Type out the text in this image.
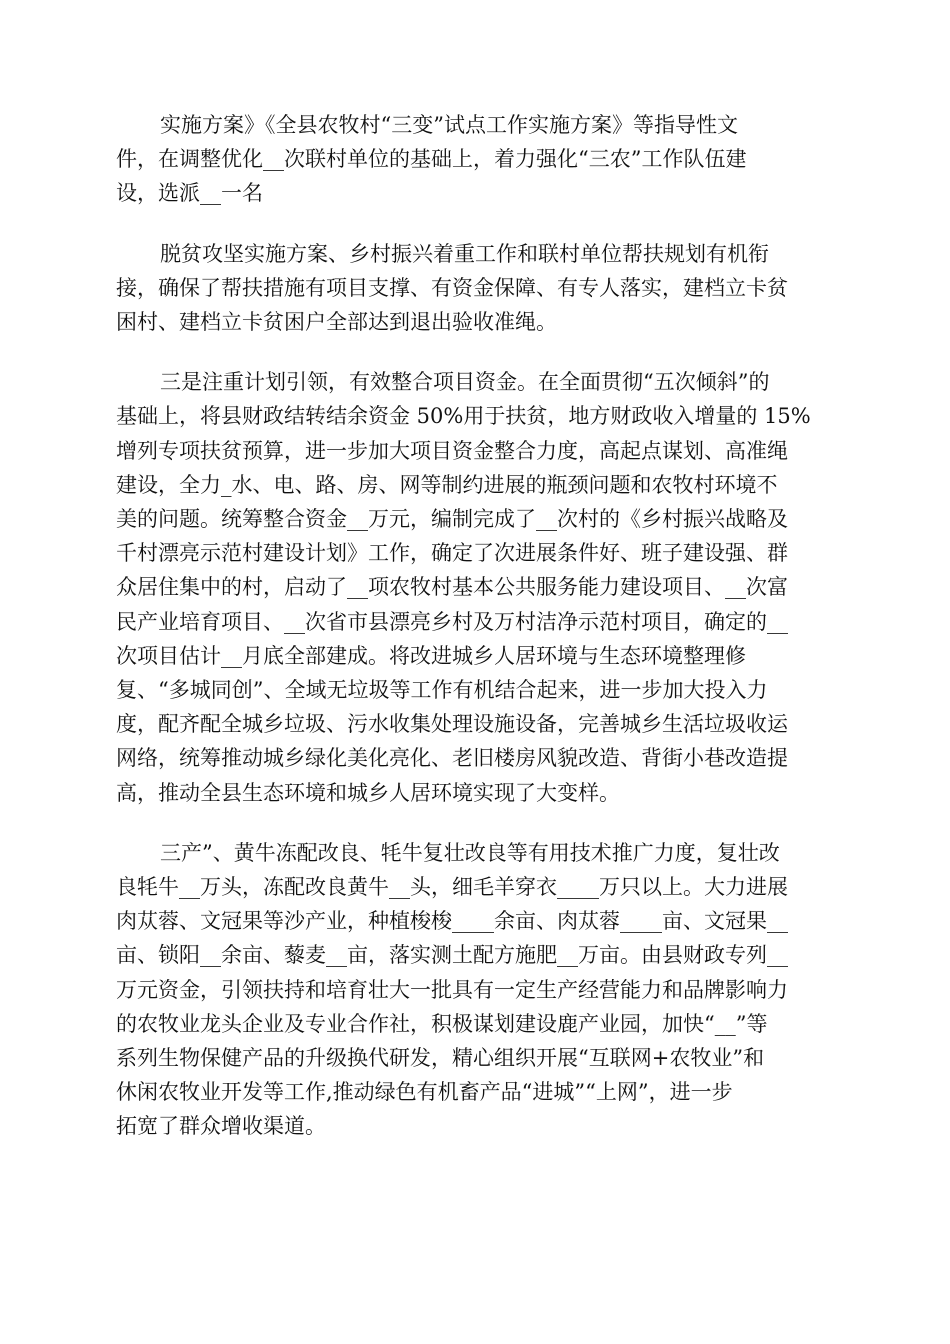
实施方案》《全县农牧村“三变”试点工作实施方案》等指导性文
件，在调整优化__次联村单位的基础上，着力强化“三农”工作队伍建
设，选派__一名
脱贫攻坚实施方案、乡村振兴着重工作和联村单位帮扶规划有机衔
接，确保了帮扶措施有项目支撑、有资金保障、有专人落实，建档立卡贫
困村、建档立卡贫困户全部达到退出验收准绳。
三是注重计划引领，有效整合项目资金。在全面贯彻“五次倾斜”的
基础上，将县财政结转结余资金 50%用于扶贫，地方财政收入增量的 15%
增列专项扶贫预算，进一步加大项目资金整合力度，高起点谋划、高准绳
建设，全力_水、电、路、房、网等制约进展的瓶颈问题和农牧村环境不
美的问题。统筹整合资金__万元，编制完成了__次村的《乡村振兴战略及
千村漂亮示范村建设计划》工作，确定了次进展条件好、班子建设强、群
众居住集中的村，启动了__项农牧村基本公共服务能力建设项目、__次富
民产业培育项目、__次省市县漂亮乡村及万村洁净示范村项目，确定的__
次项目估计__月底全部建成。将改进城乡人居环境与生态环境整理修
复、“多城同创”、全域无垃圾等工作有机结合起来，进一步加大投入力
度，配齐配全城乡垃圾、污水收集处理设施设备，完善城乡生活垃圾收运
网络，统筹推动城乡绿化美化亮化、老旧楼房风貌改造、背街小巷改造提
高，推动全县生态环境和城乡人居环境实现了大变样。
三产”、黄牛冻配改良、牦牛复壮改良等有用技术推广力度，复壮改
良牦牛__万头，冻配改良黄牛__头，细毛羊穿衣____万只以上。大力进展
肉苁蓉、文冠果等沙产业，种植梭梭____余亩、肉苁蓉____亩、文冠果__
亩、锁阳__余亩、藜麦__亩，落实测土配方施肥__万亩。由县财政专列__
万元资金，引领扶持和培育壮大一批具有一定生产经营能力和品牌影响力
的农牧业龙头企业及专业合作社，积极谋划建设鹿产业园，加快“__”等
系列生物保健产品的升级换代研发，精心组织开展“互联网+农牧业”和
休闲农牧业开发等工作,推动绿色有机畜产品“进城”“上网”，进一步
拓宽了群众增收渠道。
